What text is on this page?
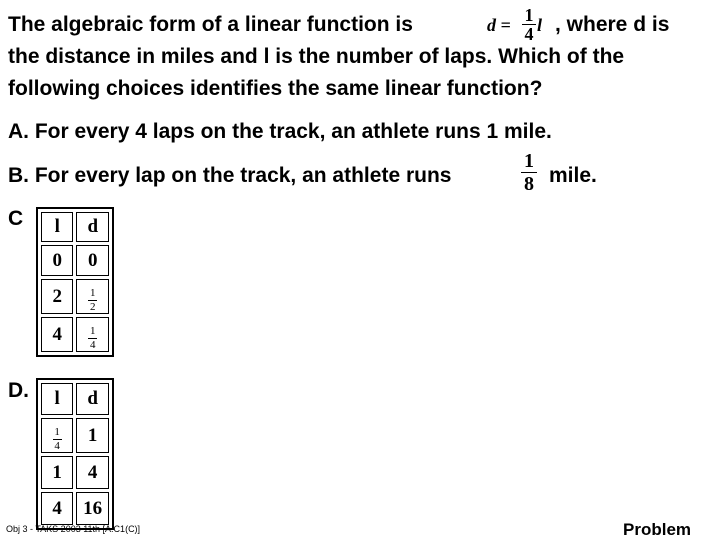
The algebraic form of a linear function is	d = 1
4 l , where d is
the distance in miles and l is the number of laps. Which of the
following choices identifies the same linear function?
A. For every 4 laps on the track, an athlete runs 1 mile.
B. For every lap on the track, an athlete runs
1
8 mile.
C l	d
0	0
2	$\frac{1}{2}$

4	$\frac{1}{4}$
D. l	d

$\frac{1}{4}$	1
1	4
4	16
Obj 3 - TAKS 2003 11th [A.C1(C)]	Problem
